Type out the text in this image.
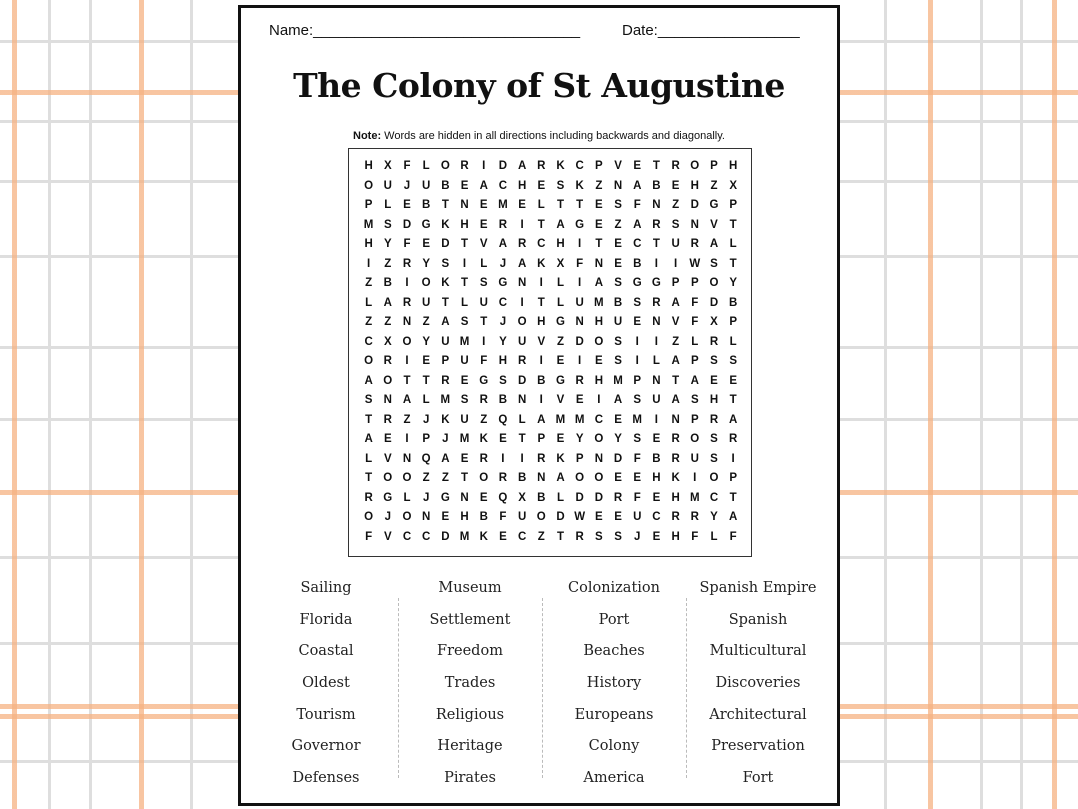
Name:________________________________	Date:_________________
The Colony of St Augustine
Note: Words are hidden in all directions including backwards and diagonally.
H X	F	L O R	I	D A R K C P	V	E	T	R O P H
O U	J	U B E A C H E	S K	Z	N A B E H	Z	X
P	L	E B	T	N E M E	L	T	T	E	S	F	N	Z	D G P
M S D G K H E R	I	T	A G E	Z	A R S N V	T
H Y	F	E D	T	V A R C H	I	T	E C	T	U R A	L
I	Z	R Y	S	I	L	J	A K X	F	N E B	I	I	W S	T
Z	B	I	O K	T	S G N	I	L	I	A S G G P	P O Y
L	A R U	T	L	U C	I	T	L	U M B S R A	F	D B
Z	Z	N	Z	A S	T	J	O H G N H U E N V	F	X	P
C X O Y U M	I	Y U V	Z	D O S	I	I	Z	L	R	L
O R	I	E	P U	F	H R	I	E	I	E	S	I	L	A P	S	S
A O T	T	R E G S D B G R H M P N	T	A E	E
S N A	L M S R B N	I	V	E	I	A S U A S H	T
T	R	Z	J	K U	Z Q L	A M M C E M	I	N P R A
A E	I	P	J M K E	T	P	E	Y O Y	S	E R O S R
L	V N Q A E R	I	I	R K P N D	F	B R U S	I
T O O Z	Z	T O R B N A O O E	E H K	I	O P
R G L	J	G N E Q X B	L	D D R	F	E H M C	T
O	J	O N E H B	F	U O D W E	E U C R R Y A
F	V C C D M K E C	Z	T	R S	S	J	E H	F	L	F
Sailing
Florida
Coastal
Oldest
Tourism
Governor
Defenses
Museum
Settlement
Freedom
Trades
Religious
Heritage
Pirates
Colonization
Port
Beaches
History
Europeans
Colony
America
Spanish Empire
Spanish
Multicultural
Discoveries
Architectural
Preservation
Fort
